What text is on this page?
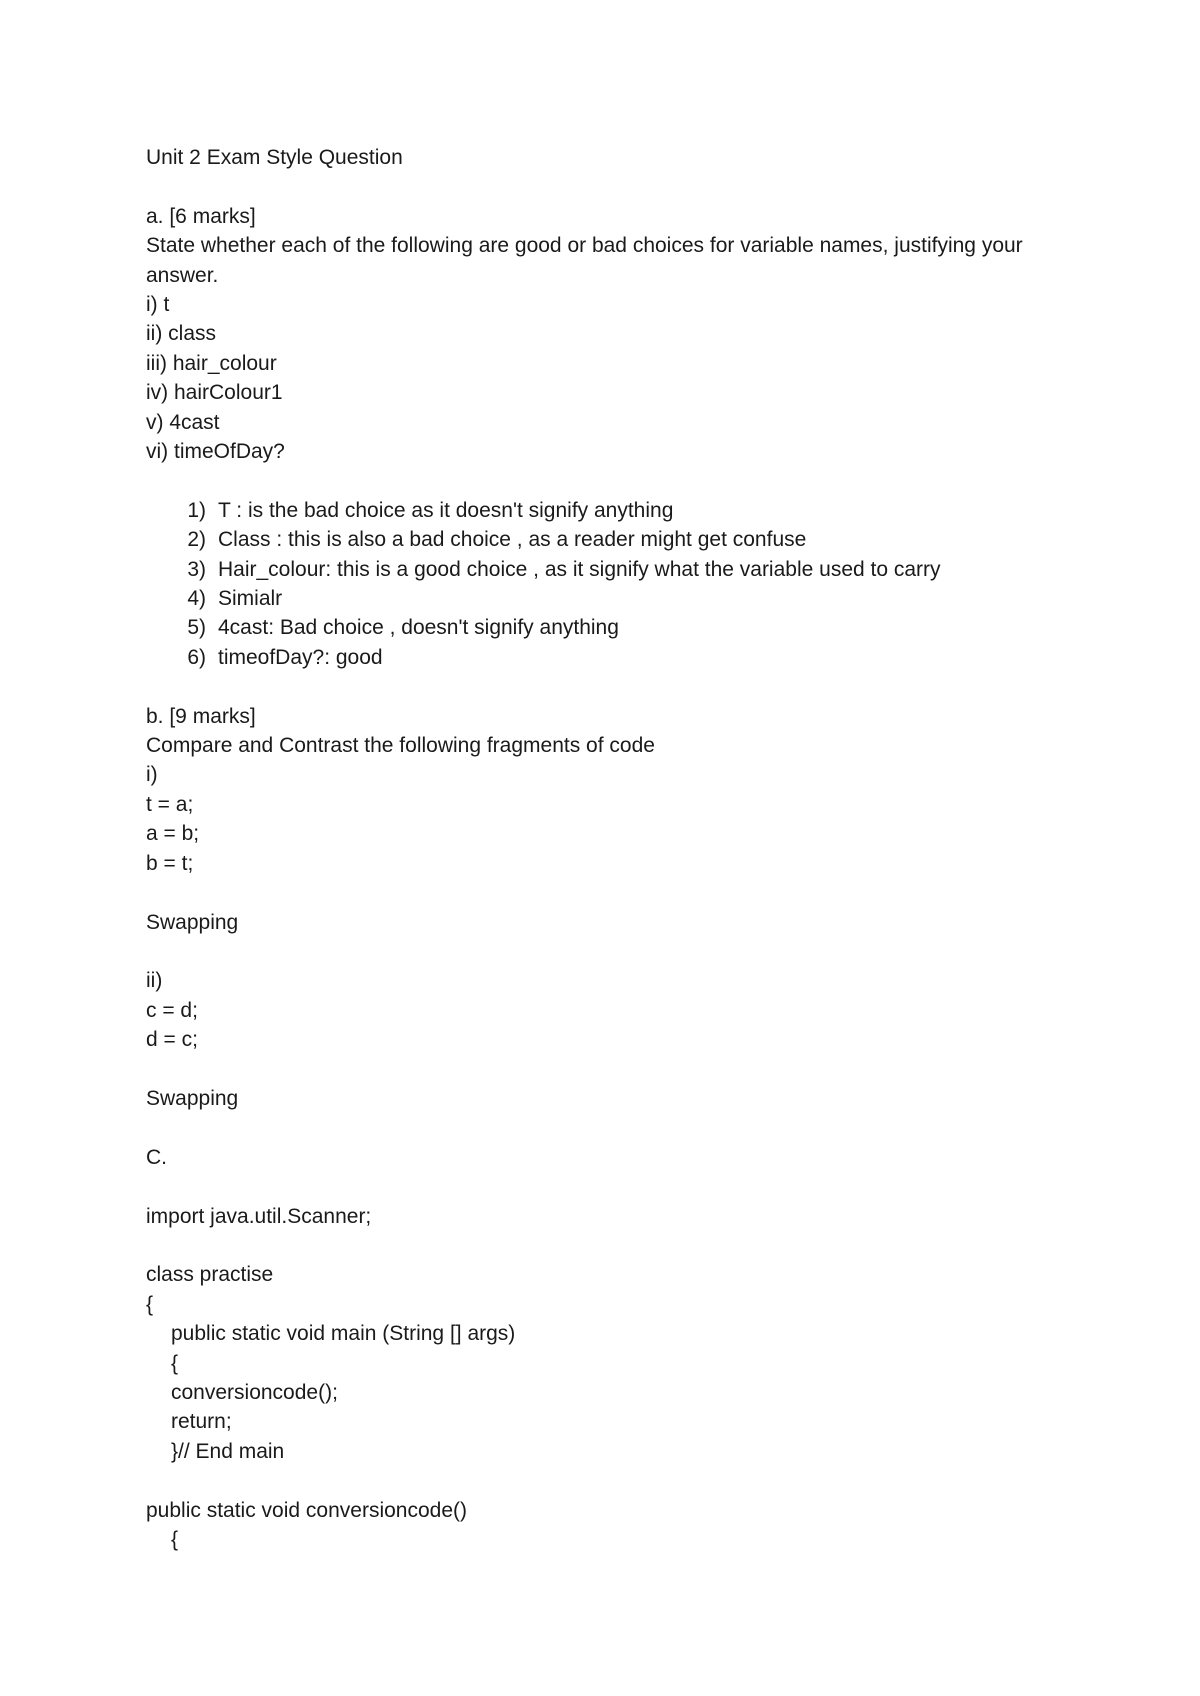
Unit 2 Exam Style Question
a. [6 marks]
State whether each of the following are good or bad choices for variable names, justifying your answer.
i) t
ii) class
iii) hair_colour
iv) hairColour1
v) 4cast
vi) timeOfDay?
1) T : is the bad choice as it doesn't signify anything
2) Class : this is also a bad choice , as a reader might get confuse
3) Hair_colour: this is a good choice , as it signify what the variable used to carry
4) Simialr
5) 4cast: Bad choice , doesn't signify anything
6) timeofDay?: good
b. [9 marks]
Compare and Contrast the following fragments of code
i)
t = a;
a = b;
b = t;
Swapping
ii)
c = d;
d = c;
Swapping
C.
import java.util.Scanner;
class practise
{
public static void main (String [] args)
{
conversioncode();
return;
}// End main
public static void conversioncode()
{
